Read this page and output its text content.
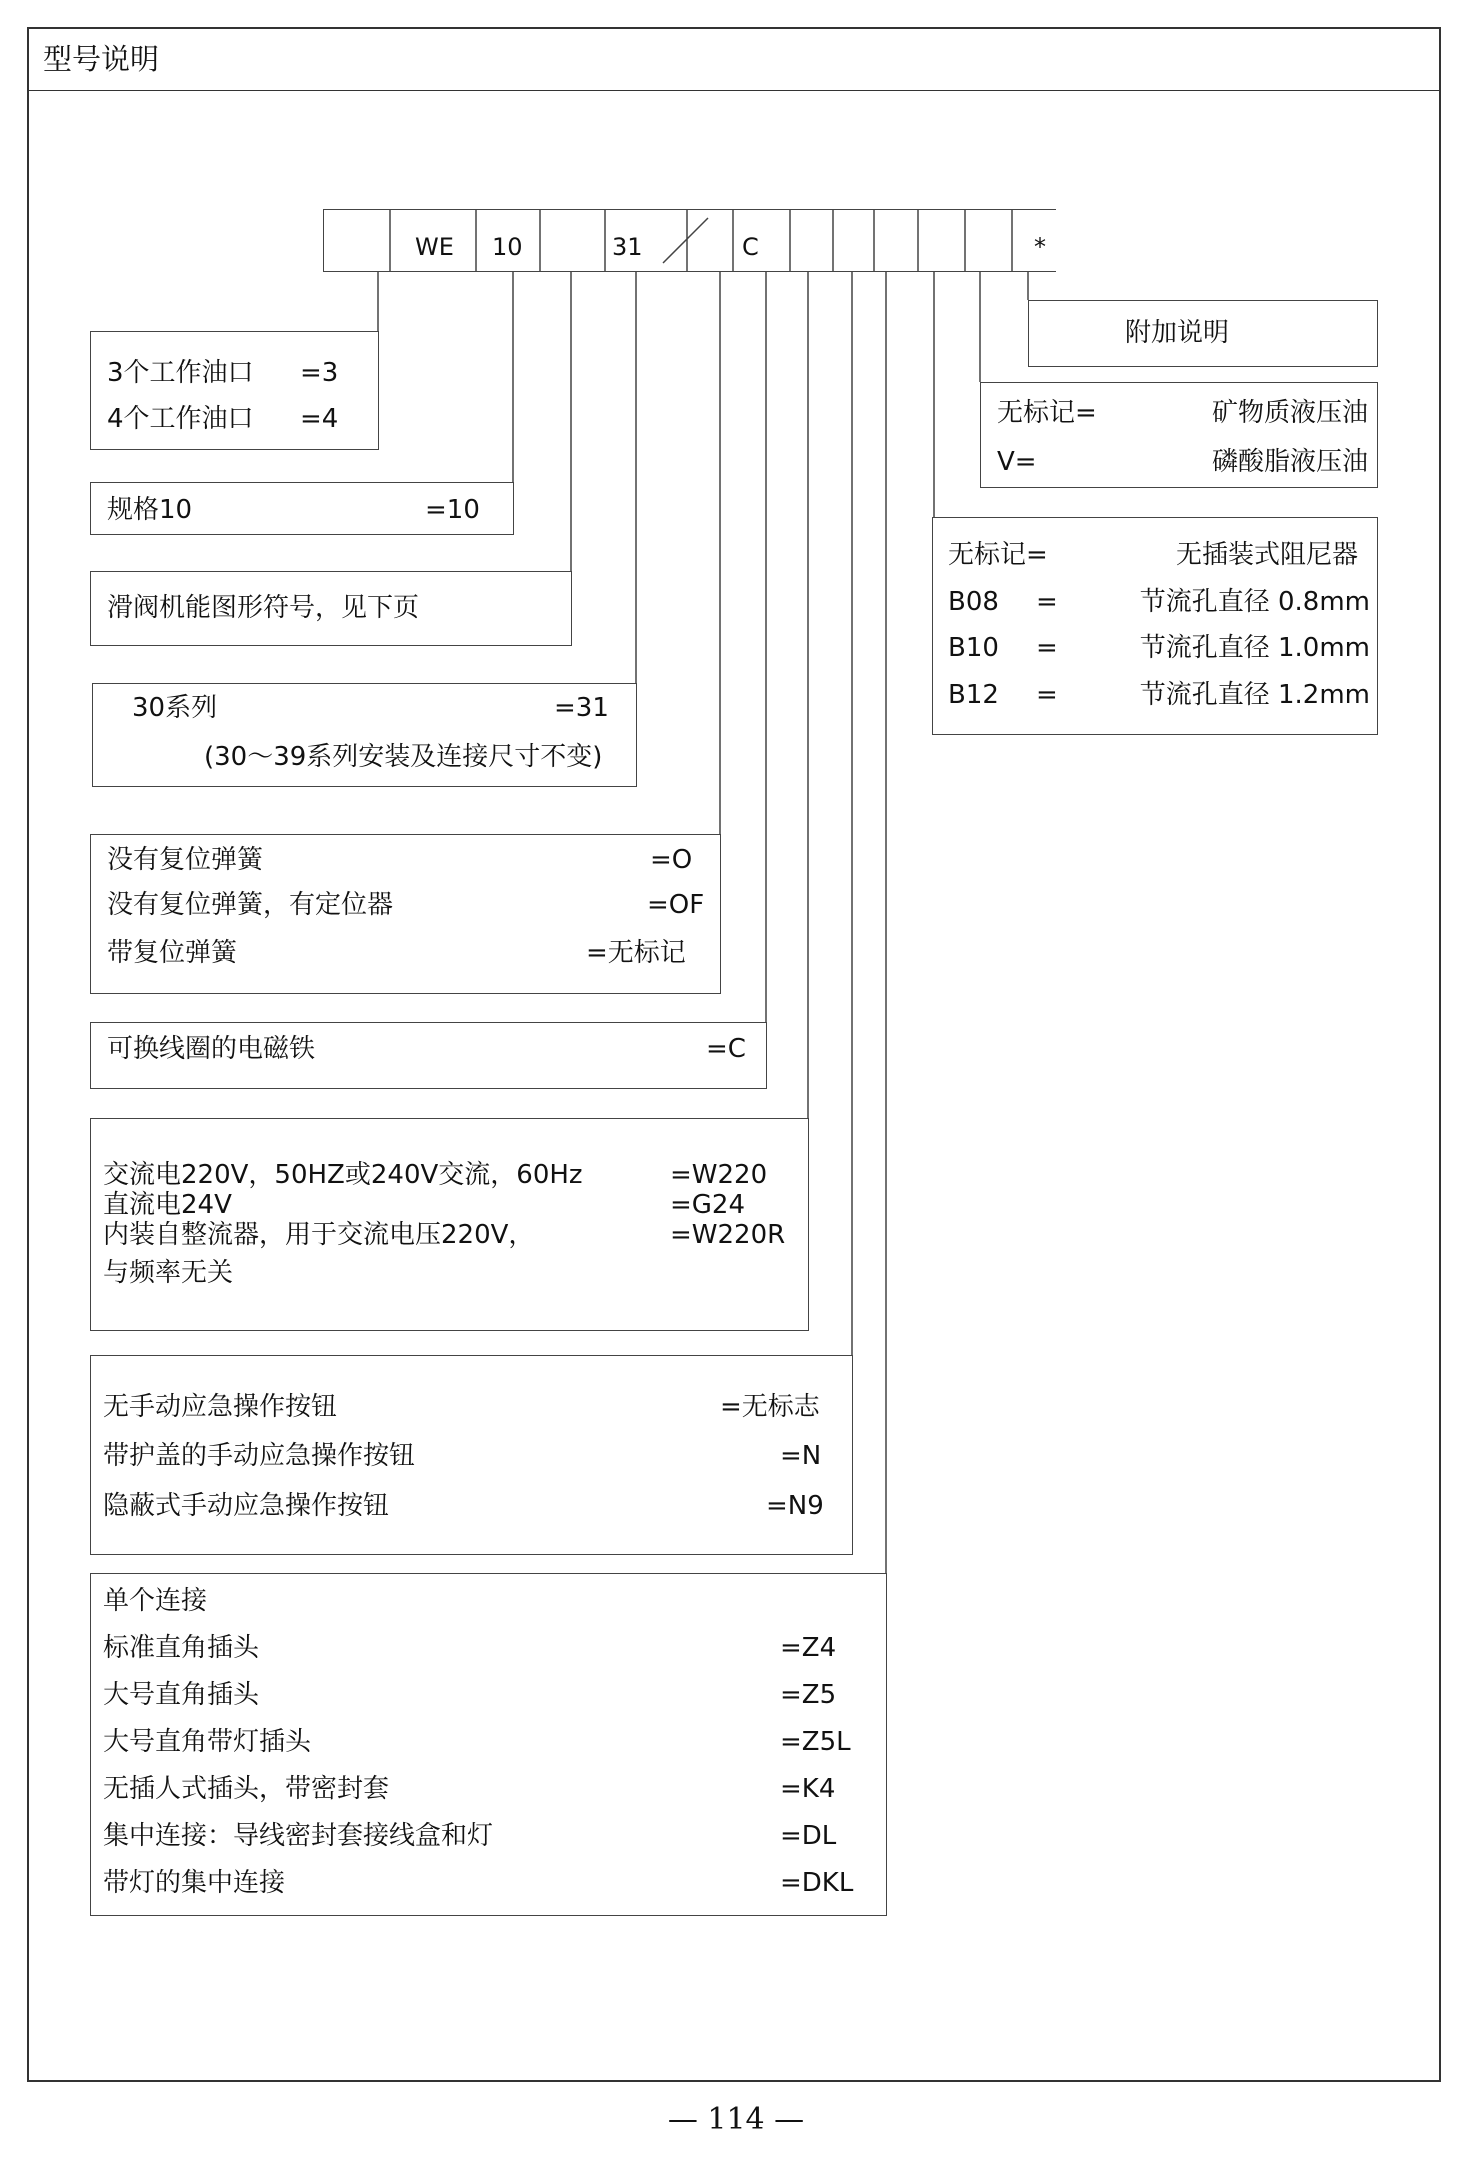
型号说明
WE 10	31	C	*
附加说明
无标记=	矿物质液压油
V=	磷酸脂液压油
无标记=	无插装式阻尼器
B08 =	节流孔直径 0.8mm
B10 =	节流孔直径 1.0mm
B12 =	节流孔直径 1.2mm
3个工作油口 =3
4个工作油口 =4
规格10	=10
滑阀机能图形符号，见下页
30系列	=31
(30～39系列安装及连接尺寸不变)
没有复位弹簧	=O
没有复位弹簧，有定位器	=OF
带复位弹簧	=无标记
可换线圈的电磁铁	=C
交流电220V，50HZ或240V交流，60Hz	=W220
直流电24V	=G24
内装自整流器，用于交流电压220V，	=W220R
与频率无关
无手动应急操作按钮	=无标志
带护盖的手动应急操作按钮	=N
隐蔽式手动应急操作按钮	=N9
单个连接
标准直角插头	=Z4
大号直角插头	=Z5
大号直角带灯插头	=Z5L
无插人式插头，带密封套	=K4
集中连接：导线密封套接线盒和灯	=DL
带灯的集中连接	=DKL
— 114 —
